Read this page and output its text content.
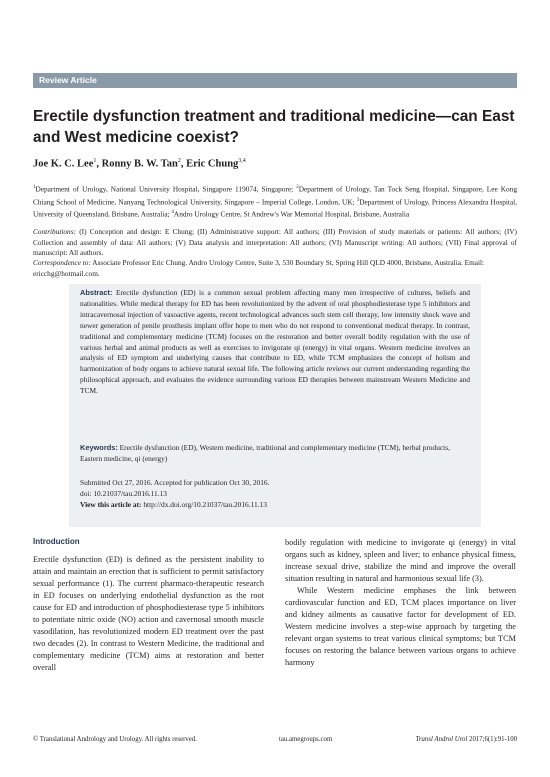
Review Article
Erectile dysfunction treatment and traditional medicine—can East and West medicine coexist?

Joe K. C. Lee$^1$, Ronny B. W. Tan$^2$, Eric Chung$^{3,4}$

$^1$Department of Urology, National University Hospital, Singapore 119074, Singapore; $^2$Department of Urology, Tan Tock Seng Hospital, Singapore, Lee Kong Chiang School of Medicine, Nanyang Technological University, Singapore – Imperial College, London, UK; $^3$Department of Urology, Princess Alexandra Hospital, University of Queensland, Brisbane, Australia; $^4$Andro Urology Centre, St Andrew's War Memorial Hospital, Brisbane, Australia

Contributions: (I) Conception and design: E Chung; (II) Administrative support: All authors; (III) Provision of study materials or patients: All authors; (IV) Collection and assembly of data: All authors; (V) Data analysis and interpretation: All authors; (VI) Manuscript writing: All authors; (VII) Final approval of manuscript: All authors.

Correspondence to: Associate Professor Eric Chung. Andro Urology Centre, Suite 3, 530 Boundary St, Spring Hill QLD 4000, Brisbane, Australia. Email: ericchg@hotmail.com.

Abstract: Erectile dysfunction (ED) is a common sexual problem affecting many men irrespective of cultures, beliefs and nationalities. While medical therapy for ED has been revolutionized by the advent of oral phosphodiesterase type 5 inhibitors and intracavernosal injection of vasoactive agents, recent technological advances such stem cell therapy, low intensity shock wave and newer generation of penile prosthesis implant offer hope to men who do not respond to conventional medical therapy. In contrast, traditional and complementary medicine (TCM) focuses on the restoration and better overall bodily regulation with the use of various herbal and animal products as well as exercises to invigorate qi (energy) in vital organs. Western medicine involves an analysis of ED symptom and underlying causes that contribute to ED, while TCM emphasizes the concept of holism and harmonization of body organs to achieve natural sexual life. The following article reviews our current understanding regarding the philosophical approach, and evaluates the evidence surrounding various ED therapies between mainstream Western Medicine and TCM.

Keywords: Erectile dysfunction (ED), Western medicine, traditional and complementary medicine (TCM), herbal products, Eastern medicine, qi (energy)

Submitted Oct 27, 2016. Accepted for publication Oct 30, 2016.
doi: 10.21037/tau.2016.11.13
View this article at: http://dx.doi.org/10.21037/tau.2016.11.13
Introduction

Erectile dysfunction (ED) is defined as the persistent inability to attain and maintain an erection that is sufficient to permit satisfactory sexual performance (1). The current pharmaco-therapeutic research in ED focuses on underlying endothelial dysfunction as the root cause for ED and introduction of phosphodiesterase type 5 inhibitors to potentiate nitric oxide (NO) action and cavernosal smooth muscle vasodilation, has revolutionized modern ED treatment over the past two decades (2). In contrast to Western Medicine, the traditional and complementary medicine (TCM) aims at restoration and better overall

bodily regulation with medicine to invigorate qi (energy) in vital organs such as kidney, spleen and liver; to enhance physical fitness, increase sexual drive, stabilize the mind and improve the overall situation resulting in natural and harmonious sexual life (3).

While Western medicine emphases the link between cardiovascular function and ED, TCM places importance on liver and kidney ailments as causative factor for development of ED. Western medicine involves a step-wise approach by targeting the relevant organ systems to treat various clinical symptoms; but TCM focuses on restoring the balance between various organs to achieve harmony

© Translational Andrology and Urology. All rights reserved.	tau.amegroups.com	Transl Androl Urol 2017;6(1):91-100
